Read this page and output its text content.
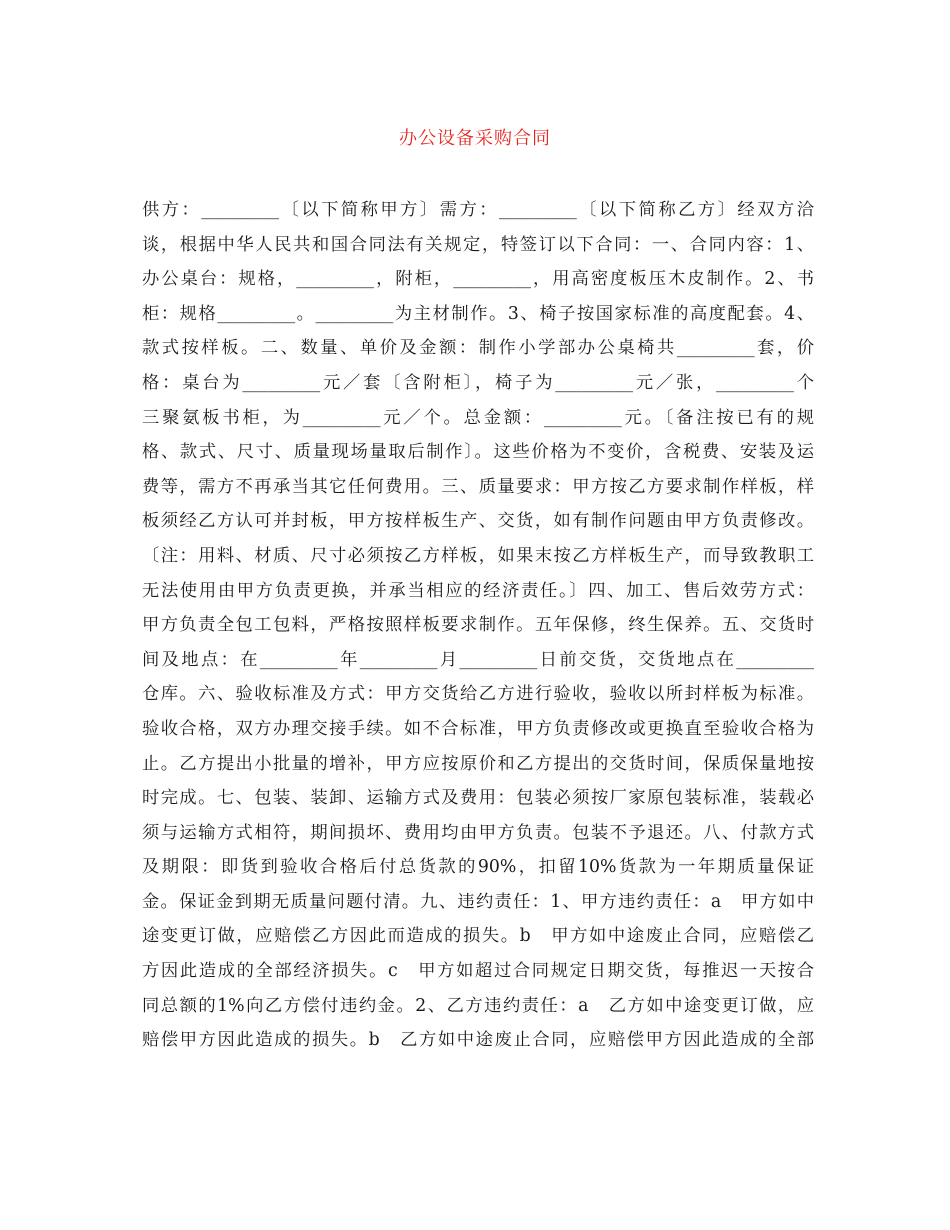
办公设备采购合同
供方：_________〔以下简称甲方〕需方：_________〔以下简称乙方〕经双方洽
谈，根据中华人民共和国合同法有关规定，特签订以下合同：一、合同内容：1、
办公桌台：规格，_________，附柜，_________，用高密度板压木皮制作。2、书
柜：规格_________。_________为主材制作。3、椅子按国家标准的高度配套。4、
款式按样板。二、数量、单价及金额：制作小学部办公桌椅共_________套，价
格：桌台为_________元／套〔含附柜〕，椅子为_________元／张，_________个
三聚氨板书柜，为_________元／个。总金额：_________元。〔备注按已有的规
格、款式、尺寸、质量现场量取后制作〕。这些价格为不变价，含税费、安装及运
费等，需方不再承当其它任何费用。三、质量要求：甲方按乙方要求制作样板，样
板须经乙方认可并封板，甲方按样板生产、交货，如有制作问题由甲方负责修改。
〔注：用料、材质、尺寸必须按乙方样板，如果末按乙方样板生产，而导致教职工
无法使用由甲方负责更换，并承当相应的经济责任。〕四、加工、售后效劳方式：
甲方负责全包工包料，严格按照样板要求制作。五年保修，终生保养。五、交货时
间及地点：在_________年_________月_________日前交货，交货地点在_________
仓库。六、验收标准及方式：甲方交货给乙方进行验收，验收以所封样板为标准。
验收合格，双方办理交接手续。如不合标准，甲方负责修改或更换直至验收合格为
止。乙方提出小批量的增补，甲方应按原价和乙方提出的交货时间，保质保量地按
时完成。七、包装、装卸、运输方式及费用：包装必须按厂家原包装标准，装载必
须与运输方式相符，期间损坏、费用均由甲方负责。包装不予退还。八、付款方式
及期限：即货到验收合格后付总货款的90%，扣留10%货款为一年期质量保证
金。保证金到期无质量问题付清。九、违约责任：1、甲方违约责任：a　甲方如中
途变更订做，应赔偿乙方因此而造成的损失。b　甲方如中途废止合同，应赔偿乙
方因此造成的全部经济损失。c　甲方如超过合同规定日期交货，每推迟一天按合
同总额的1%向乙方偿付违约金。2、乙方违约责任：a　乙方如中途变更订做，应
赔偿甲方因此造成的损失。b　乙方如中途废止合同，应赔偿甲方因此造成的全部
